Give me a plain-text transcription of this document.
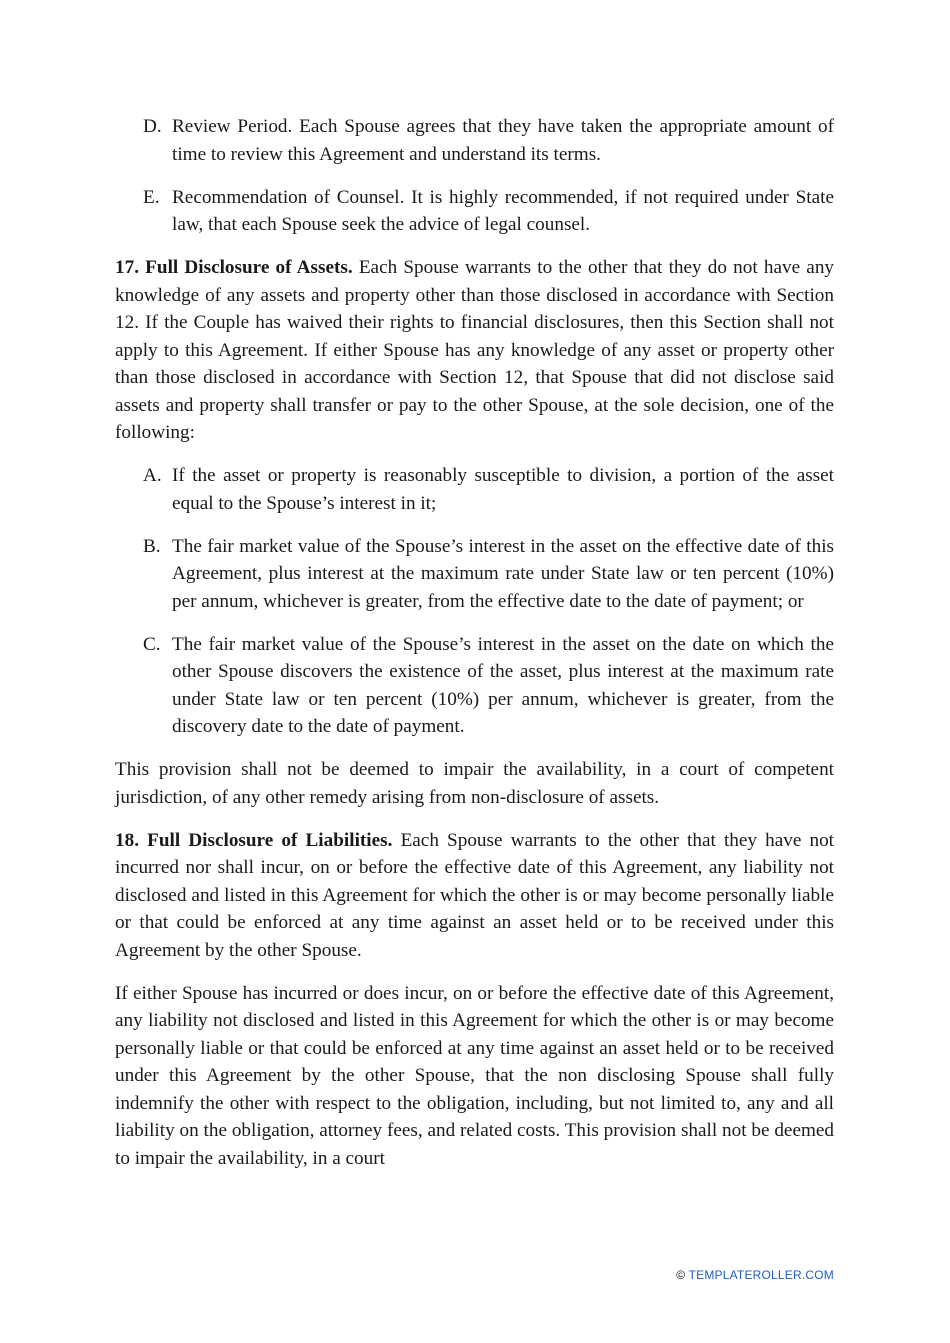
D. Review Period. Each Spouse agrees that they have taken the appropriate amount of time to review this Agreement and understand its terms.
E. Recommendation of Counsel. It is highly recommended, if not required under State law, that each Spouse seek the advice of legal counsel.

17. Full Disclosure of Assets. Each Spouse warrants to the other that they do not have any knowledge of any assets and property other than those disclosed in accordance with Section 12. If the Couple has waived their rights to financial disclosures, then this Section shall not apply to this Agreement. If either Spouse has any knowledge of any asset or property other than those disclosed in accordance with Section 12, that Spouse that did not disclose said assets and property shall transfer or pay to the other Spouse, at the sole decision, one of the following:

A. If the asset or property is reasonably susceptible to division, a portion of the asset equal to the Spouse’s interest in it;
B. The fair market value of the Spouse’s interest in the asset on the effective date of this Agreement, plus interest at the maximum rate under State law or ten percent (10%) per annum, whichever is greater, from the effective date to the date of payment; or
C. The fair market value of the Spouse’s interest in the asset on the date on which the other Spouse discovers the existence of the asset, plus interest at the maximum rate under State law or ten percent (10%) per annum, whichever is greater, from the discovery date to the date of payment.

This provision shall not be deemed to impair the availability, in a court of competent jurisdiction, of any other remedy arising from non-disclosure of assets.

18. Full Disclosure of Liabilities. Each Spouse warrants to the other that they have not incurred nor shall incur, on or before the effective date of this Agreement, any liability not disclosed and listed in this Agreement for which the other is or may become personally liable or that could be enforced at any time against an asset held or to be received under this Agreement by the other Spouse.

If either Spouse has incurred or does incur, on or before the effective date of this Agreement, any liability not disclosed and listed in this Agreement for which the other is or may become personally liable or that could be enforced at any time against an asset held or to be received under this Agreement by the other Spouse, that the non disclosing Spouse shall fully indemnify the other with respect to the obligation, including, but not limited to, any and all liability on the obligation, attorney fees, and related costs. This provision shall not be deemed to impair the availability, in a court

© TEMPLATEROLLER.COM
